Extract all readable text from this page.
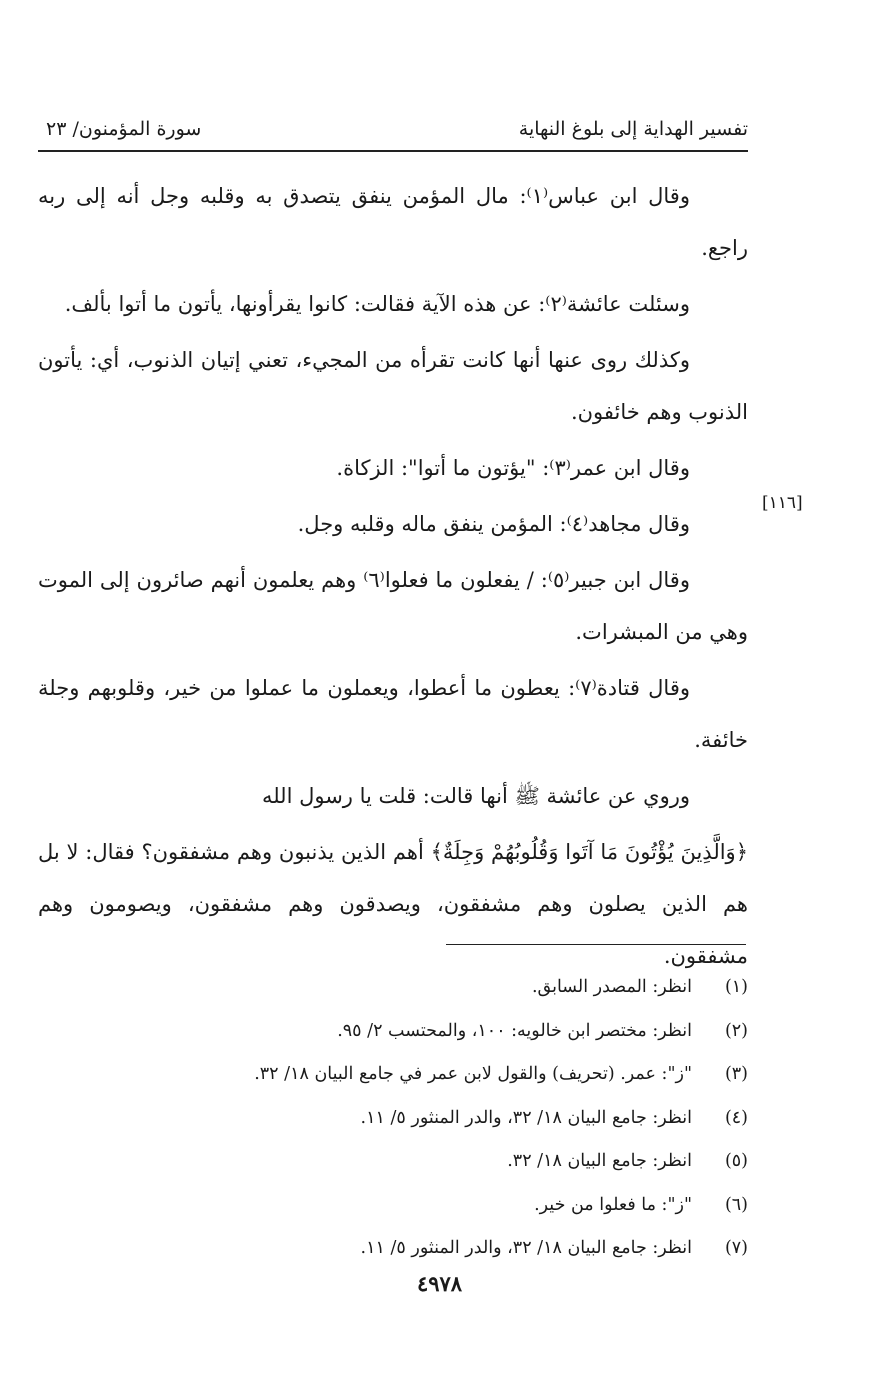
تفسير الهداية إلى بلوغ النهاية
سورة المؤمنون/ ٢٣
[١١٦]

وقال ابن عباس⁽١⁾: مال المؤمن ينفق يتصدق به وقلبه وجل أنه إلى ربه راجع.

وسئلت عائشة⁽٢⁾: عن هذه الآية فقالت: كانوا يقرأونها، يأتون ما أتوا بألف.

وكذلك روى عنها أنها كانت تقرأه من المجيء، تعني إتيان الذنوب، أي: يأتون الذنوب وهم خائفون.

وقال ابن عمر⁽٣⁾: "يؤتون ما أتوا": الزكاة.

وقال مجاهد⁽٤⁾: المؤمن ينفق ماله وقلبه وجل.

وقال ابن جبير⁽٥⁾: / يفعلون ما فعلوا⁽٦⁾ وهم يعلمون أنهم صائرون إلى الموت وهي من المبشرات.

وقال قتادة⁽٧⁾: يعطون ما أعطوا، ويعملون ما عملوا من خير، وقلوبهم وجلة خائفة.

وروي عن عائشة ﷺ أنها قالت: قلت يا رسول الله

﴿وَالَّذِينَ يُؤْتُونَ مَا آتَوا وَقُلُوبُهُمْ وَجِلَةٌ﴾ أهم الذين يذنبون وهم مشفقون؟ فقال: لا بل هم الذين يصلون وهم مشفقون، ويصدقون وهم مشفقون، ويصومون وهم مشفقون.

(١)
انظر: المصدر السابق.
(٢)
انظر: مختصر ابن خالويه: ١٠٠، والمحتسب ٢/ ٩٥.
(٣)
"ز": عمر. (تحريف) والقول لابن عمر في جامع البيان ١٨/ ٣٢.
(٤)
انظر: جامع البيان ١٨/ ٣٢، والدر المنثور ٥/ ١١.
(٥)
انظر: جامع البيان ١٨/ ٣٢.
(٦)
"ز": ما فعلوا من خير.
(٧)
انظر: جامع البيان ١٨/ ٣٢، والدر المنثور ٥/ ١١.
٤٩٧٨
